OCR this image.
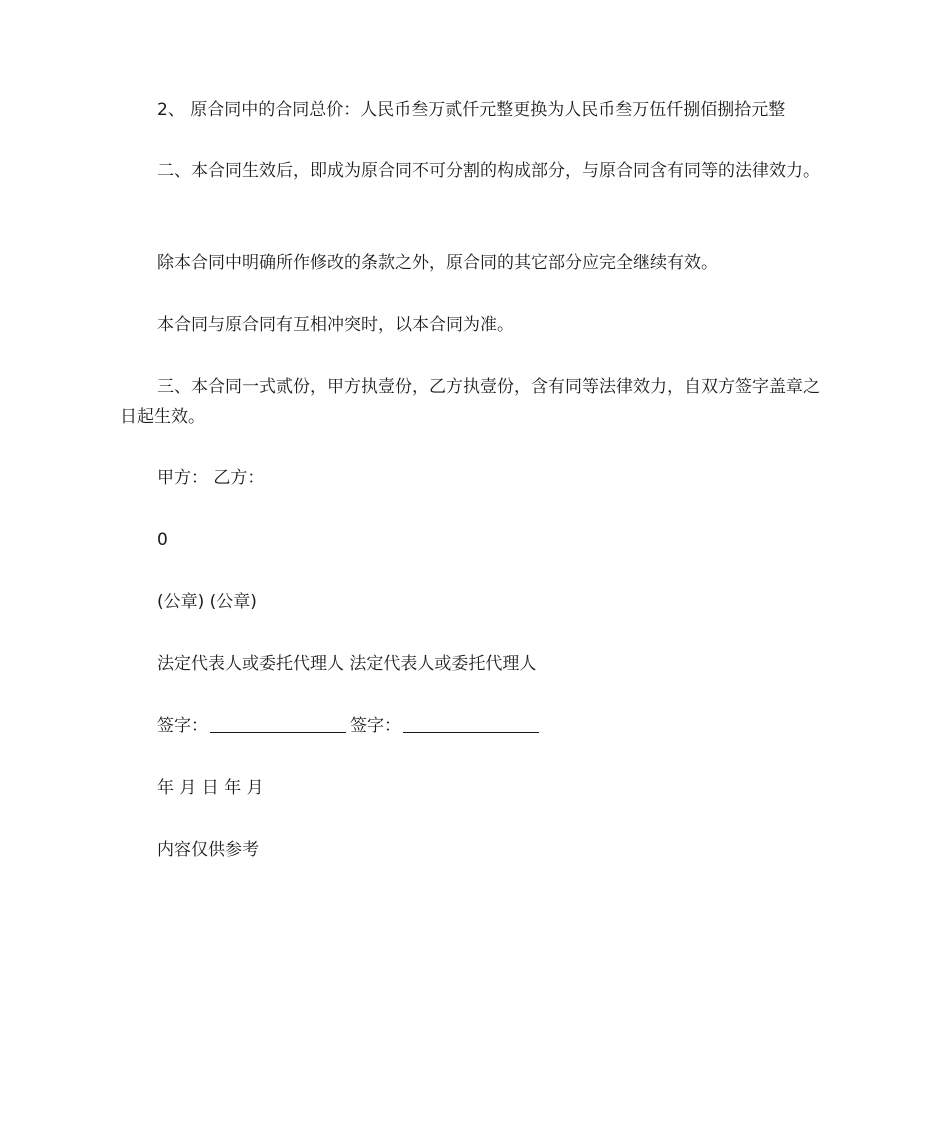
2、 原合同中的合同总价：人民币叁万贰仟元整更换为人民币叁万伍仟捌佰捌拾元整

二、本合同生效后，即成为原合同不可分割的构成部分，与原合同含有同等的法律效力。

除本合同中明确所作修改的条款之外，原合同的其它部分应完全继续有效。

本合同与原合同有互相冲突时，以本合同为准。

三、本合同一式贰份，甲方执壹份，乙方执壹份，含有同等法律效力，自双方签字盖章之日起生效。

甲方： 乙方：

0

(公章) (公章)

法定代表人或委托代理人 法定代表人或委托代理人

签字：	签字：

年 月 日 年 月

内容仅供参考
